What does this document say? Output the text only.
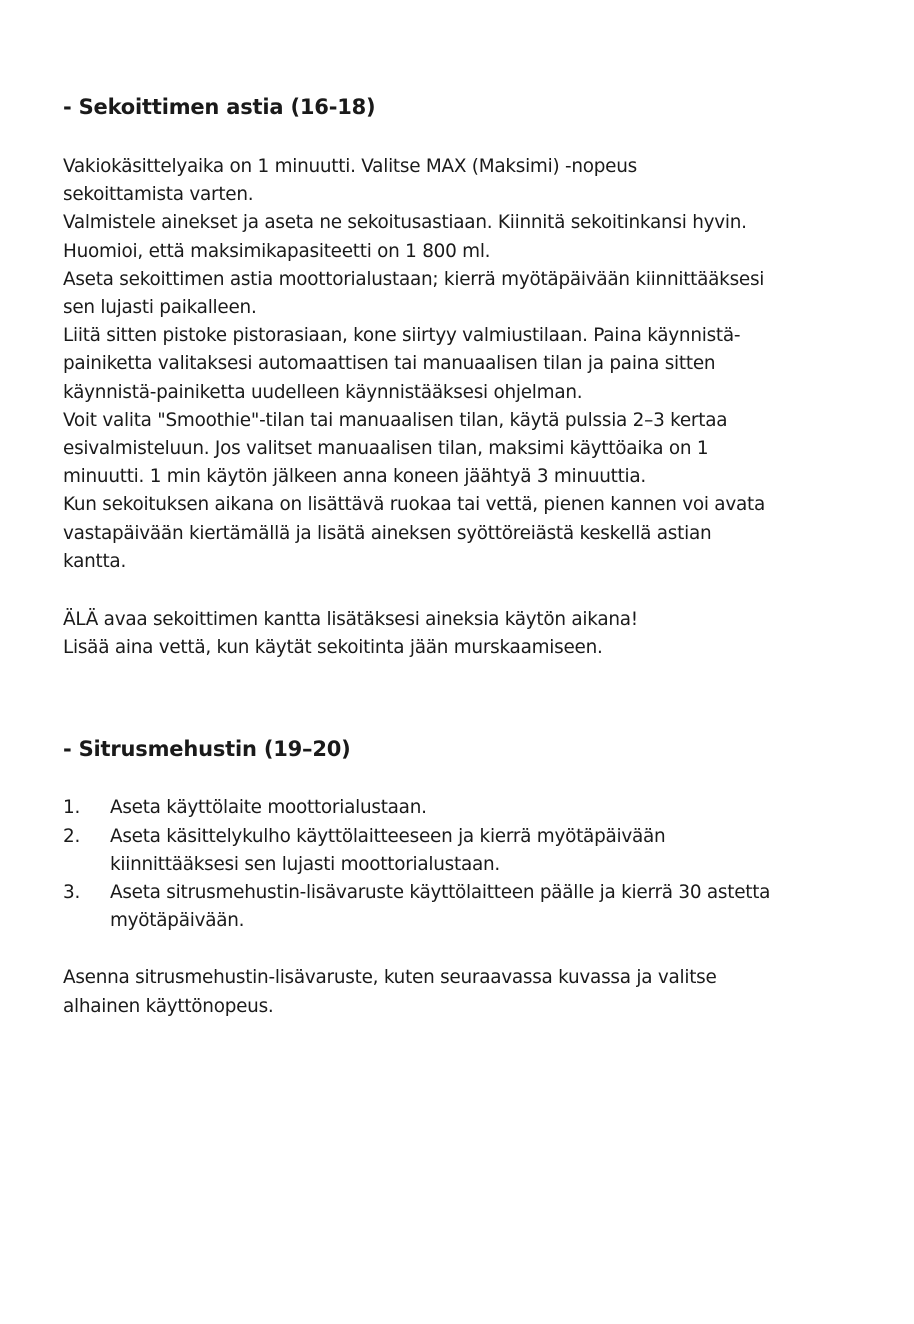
- Sekoittimen astia (16-18)
Vakiokäsittelyaika on 1 minuutti. Valitse MAX (Maksimi) -nopeus
sekoittamista varten.
Valmistele ainekset ja aseta ne sekoitusastiaan. Kiinnitä sekoitinkansi hyvin.
Huomioi, että maksimikapasiteetti on 1 800 ml.
Aseta sekoittimen astia moottorialustaan; kierrä myötäpäivään kiinnittääksesi
sen lujasti paikalleen.
Liitä sitten pistoke pistorasiaan, kone siirtyy valmiustilaan. Paina käynnistä-
painiketta valitaksesi automaattisen tai manuaalisen tilan ja paina sitten
käynnistä-painiketta uudelleen käynnistääksesi ohjelman.
Voit valita "Smoothie"-tilan tai manuaalisen tilan, käytä pulssia 2–3 kertaa
esivalmisteluun. Jos valitset manuaalisen tilan, maksimi käyttöaika on 1
minuutti. 1 min käytön jälkeen anna koneen jäähtyä 3 minuuttia.
Kun sekoituksen aikana on lisättävä ruokaa tai vettä, pienen kannen voi avata
vastapäivään kiertämällä ja lisätä aineksen syöttöreiästä keskellä astian
kantta.
ÄLÄ avaa sekoittimen kantta lisätäksesi aineksia käytön aikana!
Lisää aina vettä, kun käytät sekoitinta jään murskaamiseen.
- Sitrusmehustin (19–20)
1.	Aseta käyttölaite moottorialustaan.
2.	Aseta käsittelykulho käyttölaitteeseen ja kierrä myötäpäivään
kiinnittääksesi sen lujasti moottorialustaan.
3.	Aseta sitrusmehustin-lisävaruste käyttölaitteen päälle ja kierrä 30 astetta
myötäpäivään.
Asenna sitrusmehustin-lisävaruste, kuten seuraavassa kuvassa ja valitse
alhainen käyttönopeus.
